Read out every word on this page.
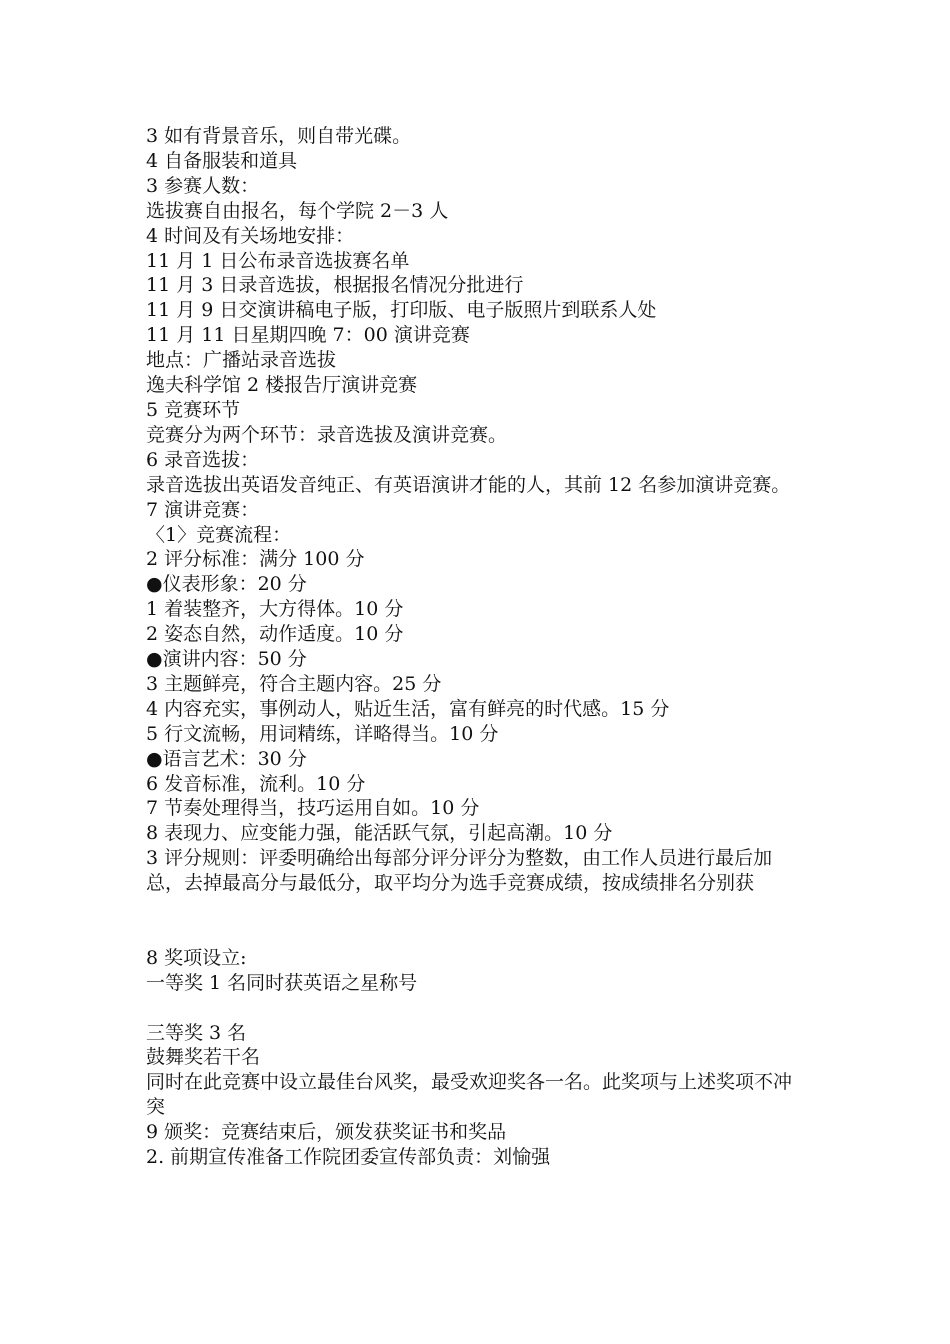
3 如有背景音乐，则自带光碟。
4 自备服装和道具
3 参赛人数：
选拔赛自由报名，每个学院 2－3 人
4 时间及有关场地安排：
11 月 1 日公布录音选拔赛名单
11 月 3 日录音选拔，根据报名情况分批进行
11 月 9 日交演讲稿电子版，打印版、电子版照片到联系人处
11 月 11 日星期四晚 7：00 演讲竞赛
地点：广播站录音选拔
逸夫科学馆 2 楼报告厅演讲竞赛
5 竞赛环节
竞赛分为两个环节：录音选拔及演讲竞赛。
6 录音选拔：
录音选拔出英语发音纯正、有英语演讲才能的人，其前 12 名参加演讲竞赛。
7 演讲竞赛：
〈1〉竞赛流程：
2 评分标准：满分 100 分
●仪表形象：20 分
1 着装整齐，大方得体。10 分
2 姿态自然，动作适度。10 分
●演讲内容：50 分
3 主题鲜亮，符合主题内容。25 分
4 内容充实，事例动人，贴近生活，富有鲜亮的时代感。15 分
5 行文流畅，用词精练，详略得当。10 分
●语言艺术：30 分
6 发音标准，流利。10 分
7 节奏处理得当，技巧运用自如。10 分
8 表现力、应变能力强，能活跃气氛，引起高潮。10 分
3 评分规则：评委明确给出每部分评分评分为整数，由工作人员进行最后加总，去掉最高分与最低分，取平均分为选手竞赛成绩，按成绩排名分别获
8 奖项设立:
一等奖 1 名同时获英语之星称号
三等奖 3 名
鼓舞奖若干名
同时在此竞赛中设立最佳台风奖，最受欢迎奖各一名。此奖项与上述奖项不冲突
9 颁奖：竞赛结束后，颁发获奖证书和奖品
2. 前期宣传准备工作院团委宣传部负责：刘愉强
